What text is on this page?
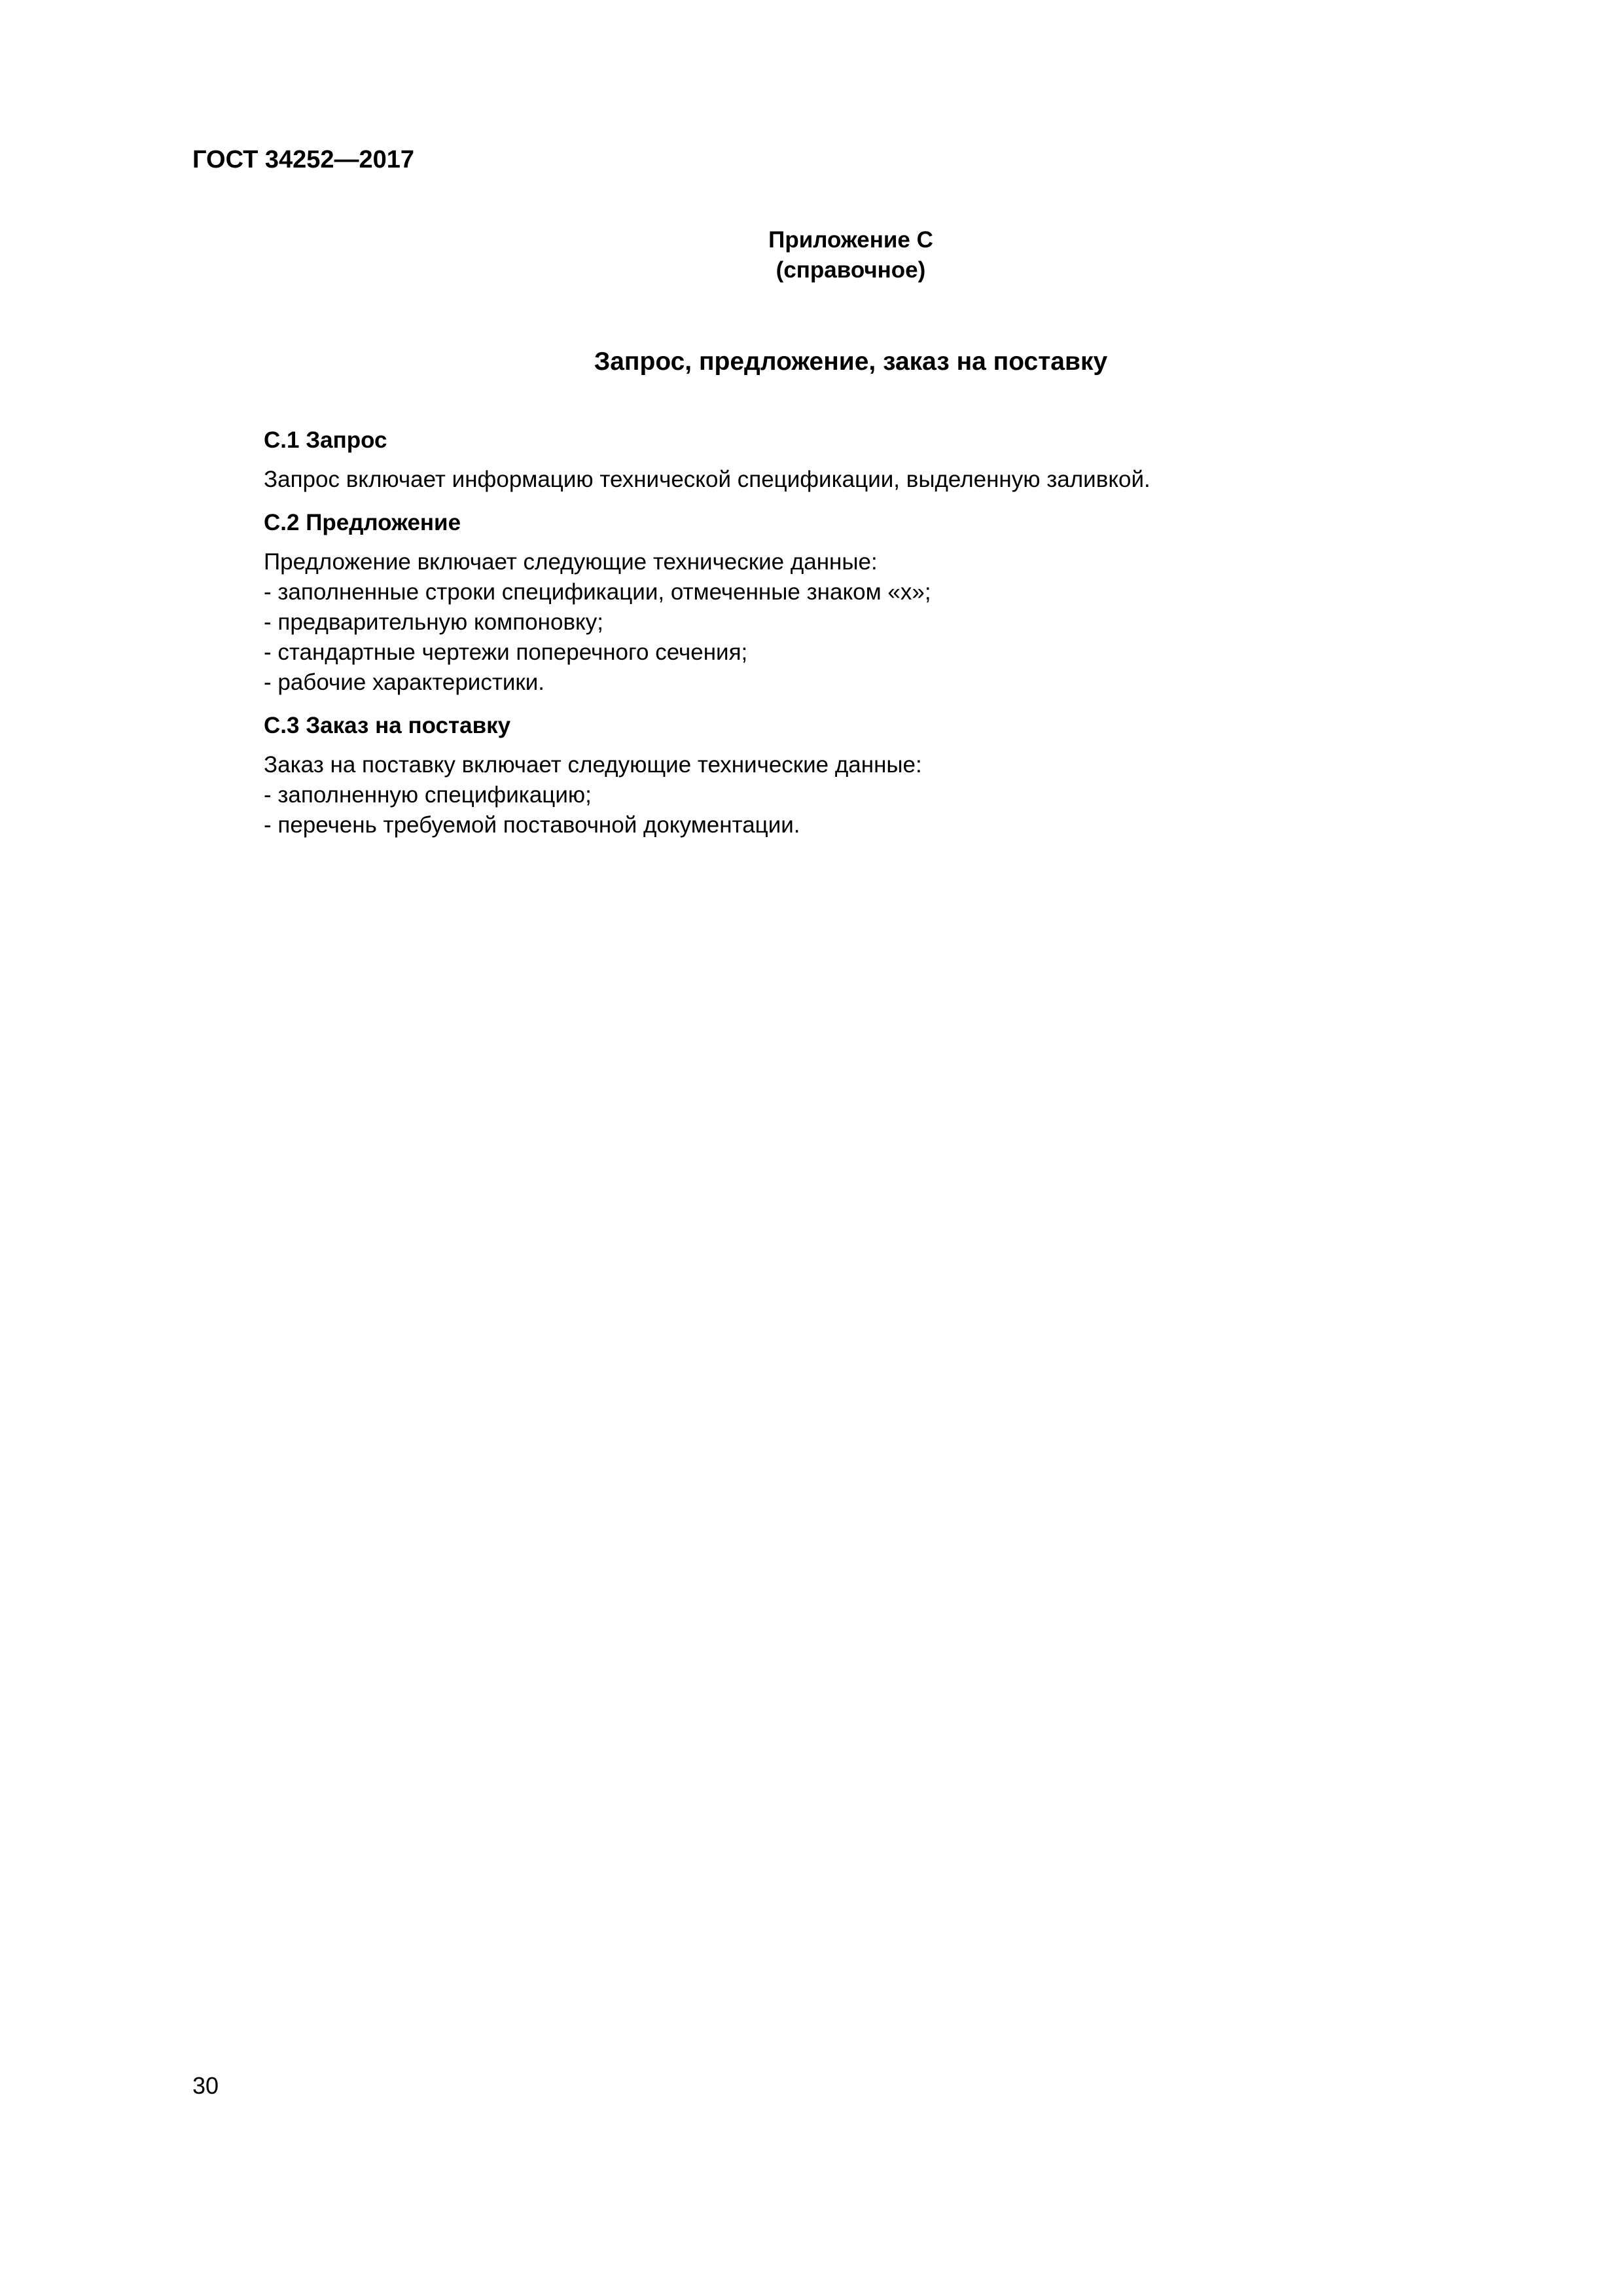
ГОСТ 34252—2017
Приложение С
(справочное)
Запрос, предложение, заказ на поставку
С.1 Запрос
Запрос включает информацию технической спецификации, выделенную заливкой.
С.2 Предложение
Предложение включает следующие технические данные:
- заполненные строки спецификации, отмеченные знаком «х»;
- предварительную компоновку;
- стандартные чертежи поперечного сечения;
- рабочие характеристики.
С.3 Заказ на поставку
Заказ на поставку включает следующие технические данные:
- заполненную спецификацию;
- перечень требуемой поставочной документации.
30
